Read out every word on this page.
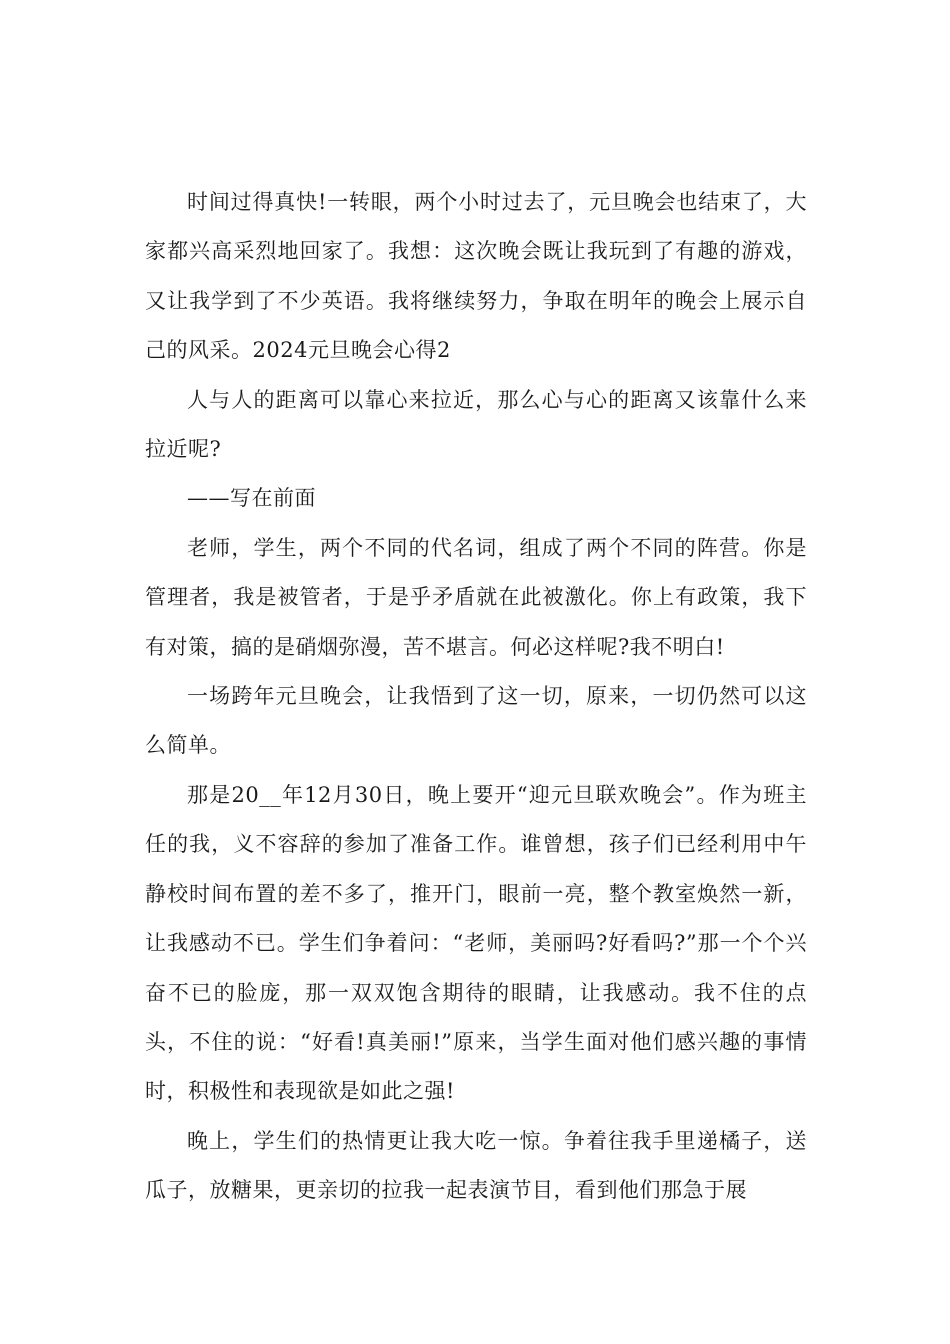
时间过得真快!一转眼，两个小时过去了，元旦晚会也结束了，大家都兴高采烈地回家了。我想：这次晚会既让我玩到了有趣的游戏，又让我学到了不少英语。我将继续努力，争取在明年的晚会上展示自己的风采。2024元旦晚会心得2

人与人的距离可以靠心来拉近，那么心与心的距离又该靠什么来拉近呢?

——写在前面

老师，学生，两个不同的代名词，组成了两个不同的阵营。你是管理者，我是被管者，于是乎矛盾就在此被激化。你上有政策，我下有对策，搞的是硝烟弥漫，苦不堪言。何必这样呢?我不明白!

一场跨年元旦晚会，让我悟到了这一切，原来，一切仍然可以这么简单。

那是20__年12月30日，晚上要开“迎元旦联欢晚会”。作为班主任的我，义不容辞的参加了准备工作。谁曾想，孩子们已经利用中午静校时间布置的差不多了，推开门，眼前一亮，整个教室焕然一新，让我感动不已。学生们争着问：“老师，美丽吗?好看吗?”那一个个兴奋不已的脸庞，那一双双饱含期待的眼睛，让我感动。我不住的点头，不住的说：“好看!真美丽!”原来，当学生面对他们感兴趣的事情时，积极性和表现欲是如此之强!

晚上，学生们的热情更让我大吃一惊。争着往我手里递橘子，送瓜子，放糖果，更亲切的拉我一起表演节目，看到他们那急于展
